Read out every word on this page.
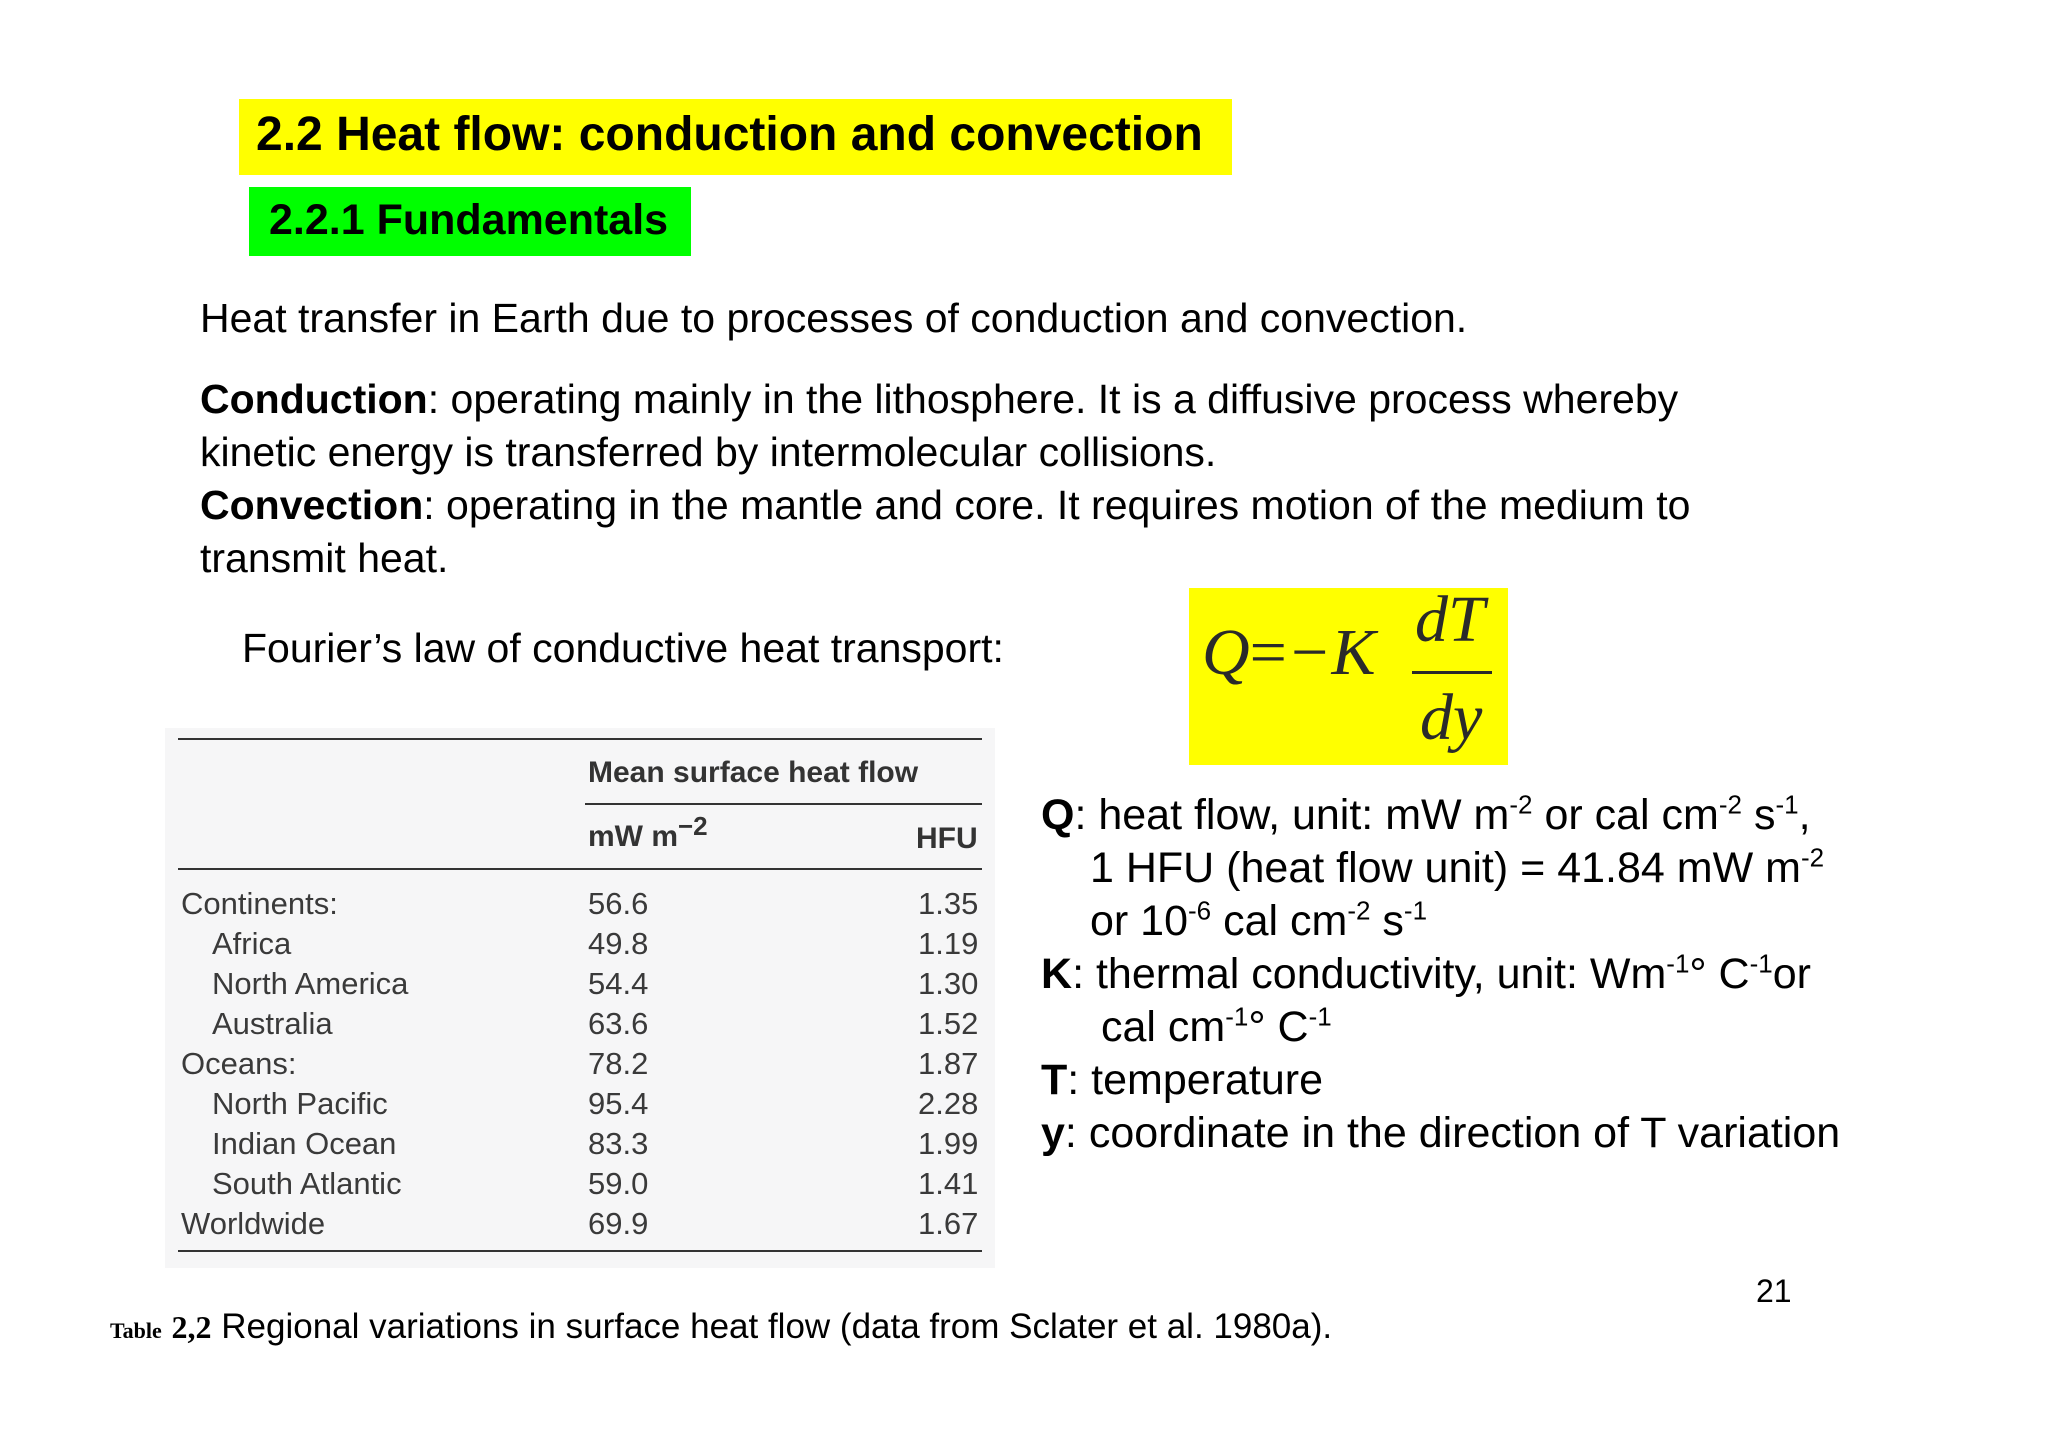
2.2 Heat flow: conduction and convection
2.2.1 Fundamentals
Heat transfer in Earth due to processes of conduction and convection.
Conduction: operating mainly in the lithosphere. It is a diffusive process whereby
kinetic energy is transferred by intermolecular collisions.
Convection: operating in the mantle and core. It requires motion of the medium to
transmit heat.
Fourier’s law of conductive heat transport:	Q=−K dT
dy
Mean surface heat flow
mW $m^{-2}$	HFU
Continents:	56.6	1.35
Africa	49.8	1.19
North America	54.4	1.30
Australia	63.6	1.52
Oceans:	78.2	1.87
North Pacific	95.4	2.28
Indian Ocean	83.3	1.99
South Atlantic	59.0	1.41
Worldwide	69.9	1.67
Q: heat flow, unit: mW $m^{-2}$ or cal $cm^{-2}$ $s^{-1}$,
1 HFU (heat flow unit) = 41.84 mW $m^{-2}$
or $10^{-6}$ cal $cm^{-2}$ $s^{-1}$
K: thermal conductivity, unit: $Wm^{-1}^\circ$ $C^{-1}or$
cal $cm^{-1}^\circ$ $C^{-1}$
T: temperature
y: coordinate in the direction of T variation
21
Table 2,2 Regional variations in surface heat flow (data from Sclater et al. 1980a).
